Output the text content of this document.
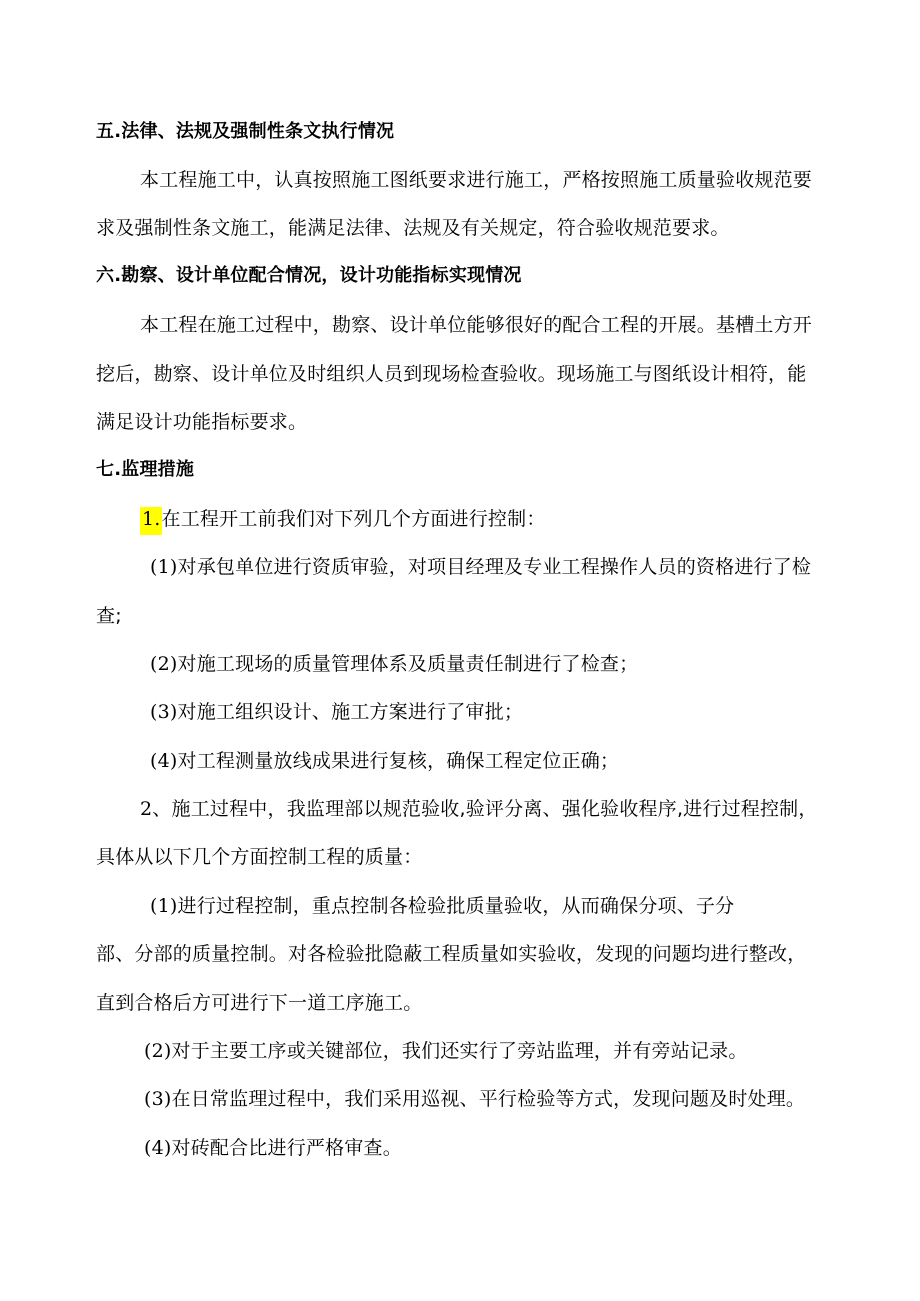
五.法律、法规及强制性条文执行情况
本工程施工中，认真按照施工图纸要求进行施工，严格按照施工质量验收规范要
求及强制性条文施工，能满足法律、法规及有关规定，符合验收规范要求。
六.勘察、设计单位配合情况，设计功能指标实现情况
本工程在施工过程中，勘察、设计单位能够很好的配合工程的开展。基槽土方开
挖后，勘察、设计单位及时组织人员到现场检查验收。现场施工与图纸设计相符，能
满足设计功能指标要求。
七.监理措施
1.在工程开工前我们对下列几个方面进行控制：
(1)对承包单位进行资质审验，对项目经理及专业工程操作人员的资格进行了检
查;
(2)对施工现场的质量管理体系及质量责任制进行了检查；
(3)对施工组织设计、施工方案进行了审批；
(4)对工程测量放线成果进行复核，确保工程定位正确；
2、施工过程中，我监理部以规范验收,验评分离、强化验收程序,进行过程控制，
具体从以下几个方面控制工程的质量：
(1)进行过程控制，重点控制各检验批质量验收，从而确保分项、子分
部、分部的质量控制。对各检验批隐蔽工程质量如实验收，发现的问题均进行整改，
直到合格后方可进行下一道工序施工。
(2)对于主要工序或关键部位，我们还实行了旁站监理，并有旁站记录。
(3)在日常监理过程中，我们采用巡视、平行检验等方式，发现问题及时处理。
(4)对砖配合比进行严格审查。
